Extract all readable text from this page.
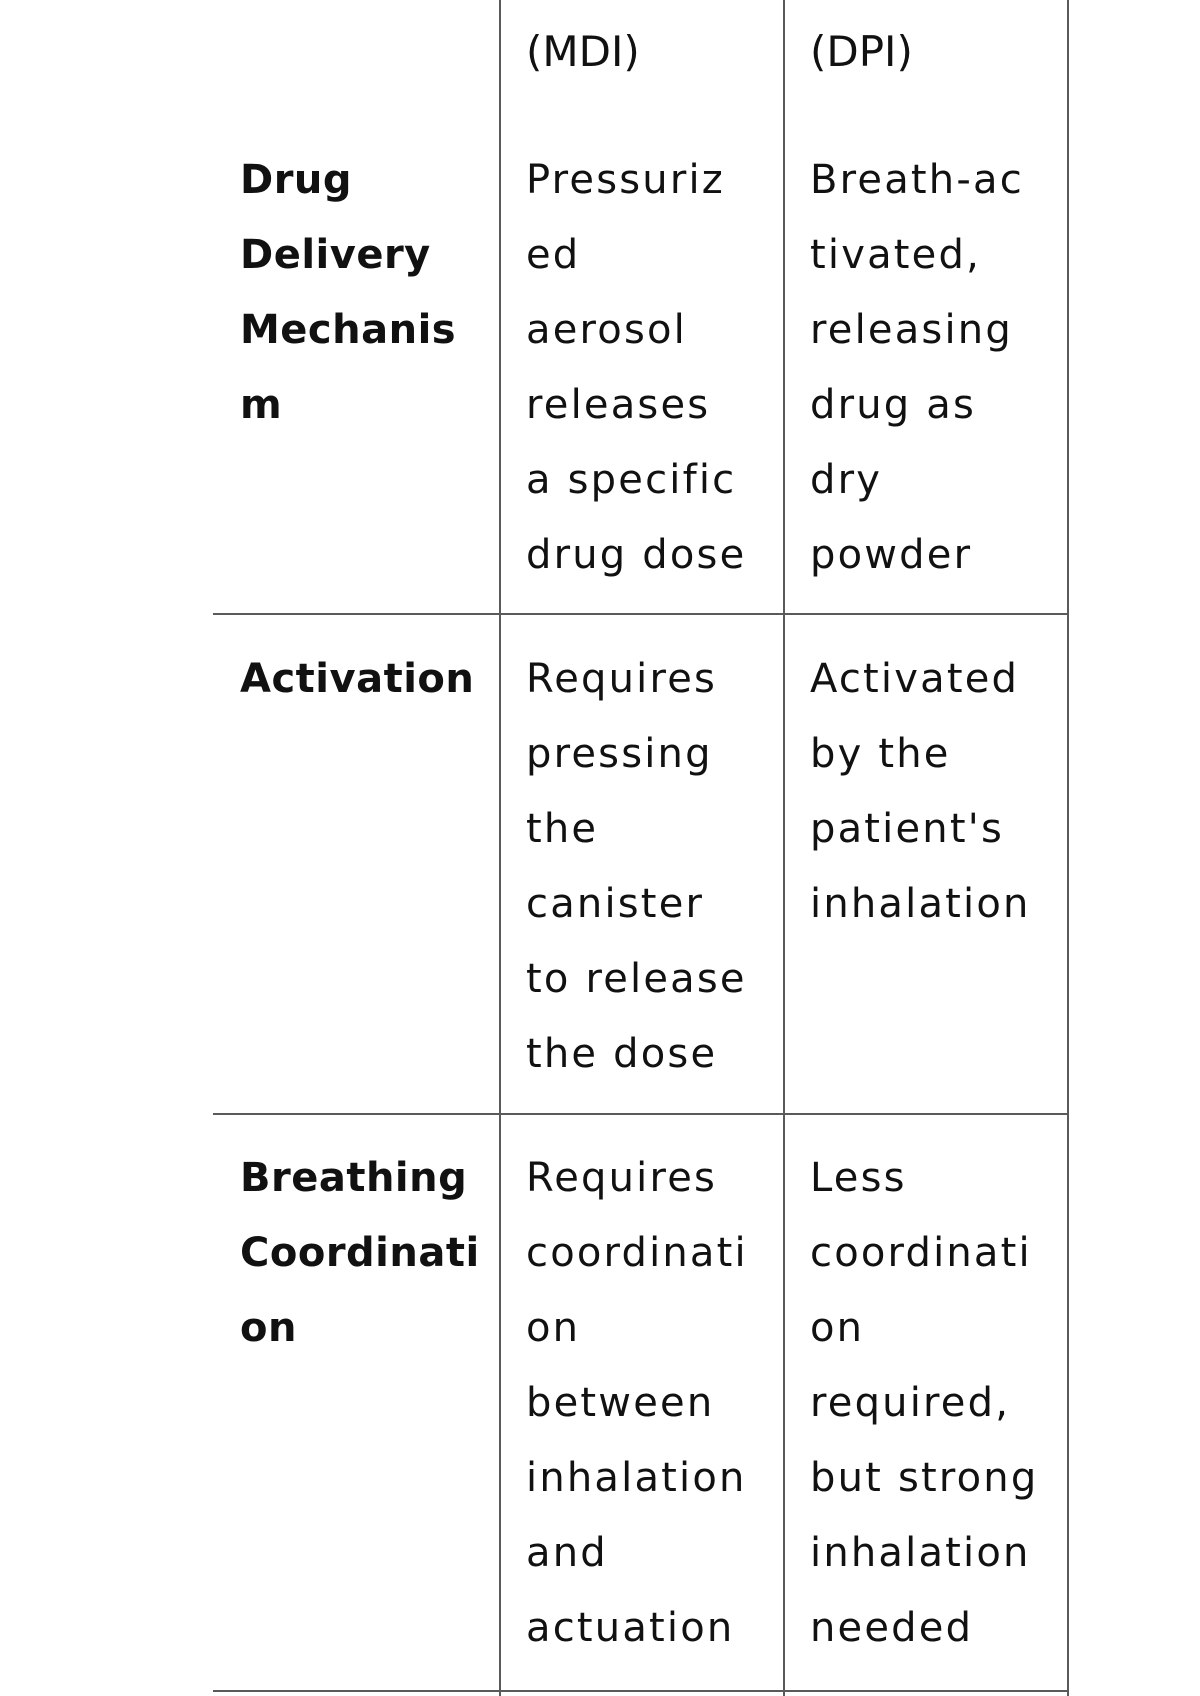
(MDI)	(DPI)
Drug
Delivery
Mechanis
m
Pressuriz
ed
aerosol
releases
a specific
drug dose
Breath-ac
tivated,
releasing
drug as
dry
powder
Activation Requires
pressing
the
canister
to release
the dose
Activated
by the
patient's
inhalation
Breathing
Coordinati
on
Requires
coordinati
on
between
inhalation
and
actuation
Less
coordinati
on
required,
but strong
inhalation
needed
